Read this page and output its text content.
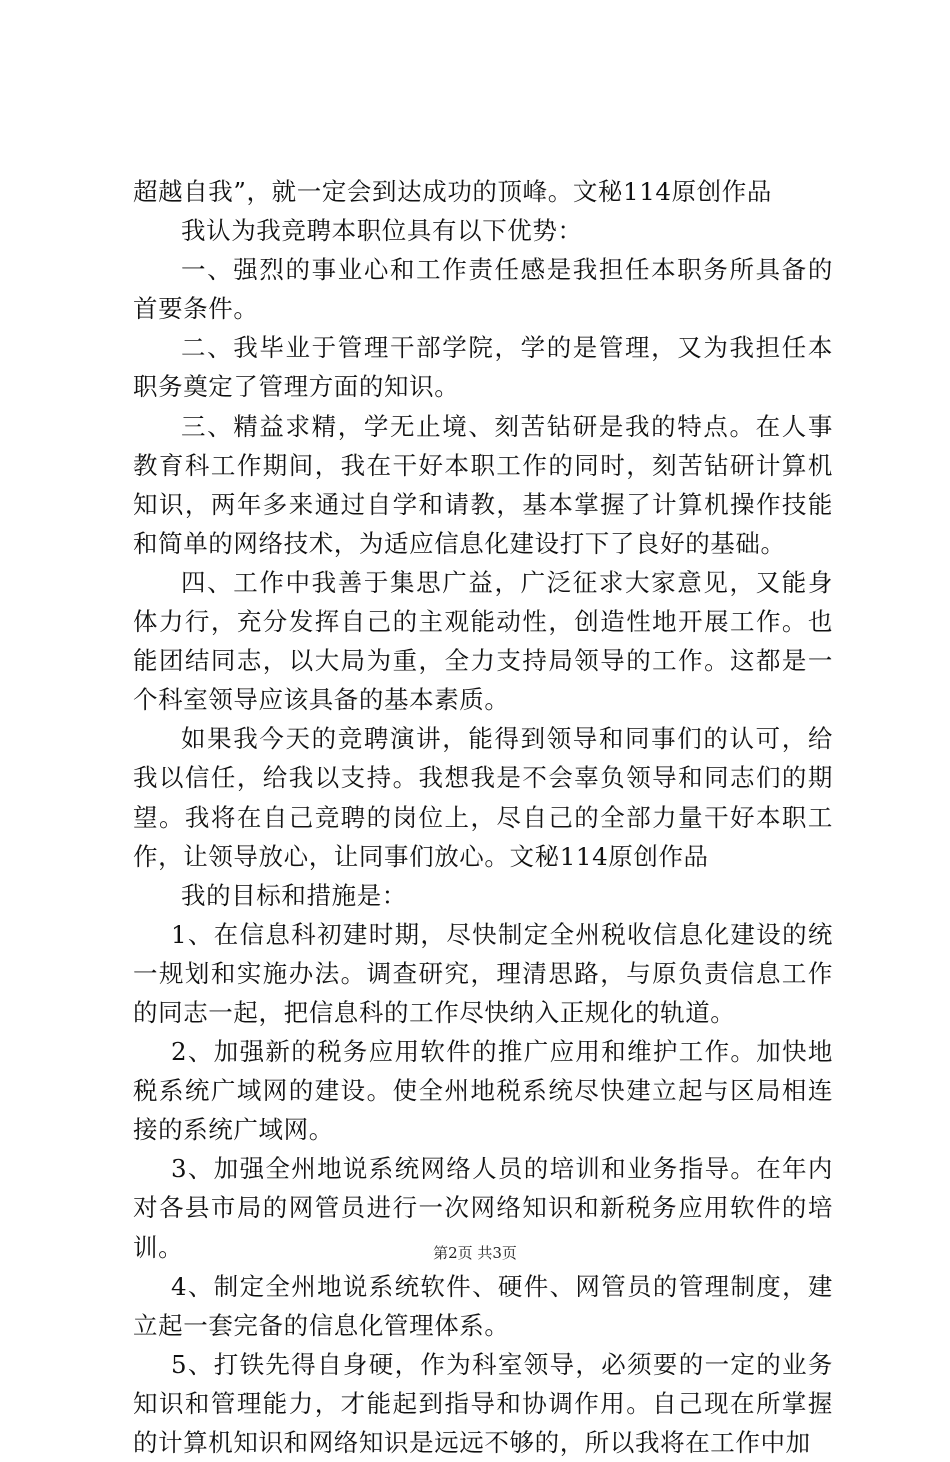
超越自我”，就一定会到达成功的顶峰。文秘114原创作品

我认为我竞聘本职位具有以下优势：

一、强烈的事业心和工作责任感是我担任本职务所具备的首要条件。

二、我毕业于管理干部学院，学的是管理，又为我担任本职务奠定了管理方面的知识。

三、精益求精，学无止境、刻苦钻研是我的特点。在人事教育科工作期间，我在干好本职工作的同时，刻苦钻研计算机知识，两年多来通过自学和请教，基本掌握了计算机操作技能和简单的网络技术，为适应信息化建设打下了良好的基础。

四、工作中我善于集思广益，广泛征求大家意见，又能身体力行，充分发挥自己的主观能动性，创造性地开展工作。也能团结同志，以大局为重，全力支持局领导的工作。这都是一个科室领导应该具备的基本素质。

如果我今天的竞聘演讲，能得到领导和同事们的认可，给我以信任，给我以支持。我想我是不会辜负领导和同志们的期望。我将在自己竞聘的岗位上，尽自己的全部力量干好本职工作，让领导放心，让同事们放心。文秘114原创作品

我的目标和措施是：

1、在信息科初建时期，尽快制定全州税收信息化建设的统一规划和实施办法。调查研究，理清思路，与原负责信息工作的同志一起，把信息科的工作尽快纳入正规化的轨道。

2、加强新的税务应用软件的推广应用和维护工作。加快地税系统广域网的建设。使全州地税系统尽快建立起与区局相连接的系统广域网。

3、加强全州地说系统网络人员的培训和业务指导。在年内对各县市局的网管员进行一次网络知识和新税务应用软件的培训。

4、制定全州地说系统软件、硬件、网管员的管理制度，建立起一套完备的信息化管理体系。

5、打铁先得自身硬，作为科室领导，必须要的一定的业务知识和管理能力，才能起到指导和协调作用。自己现在所掌握的计算机知识和网络知识是远远不够的，所以我将在工作中加

第2页 共3页
